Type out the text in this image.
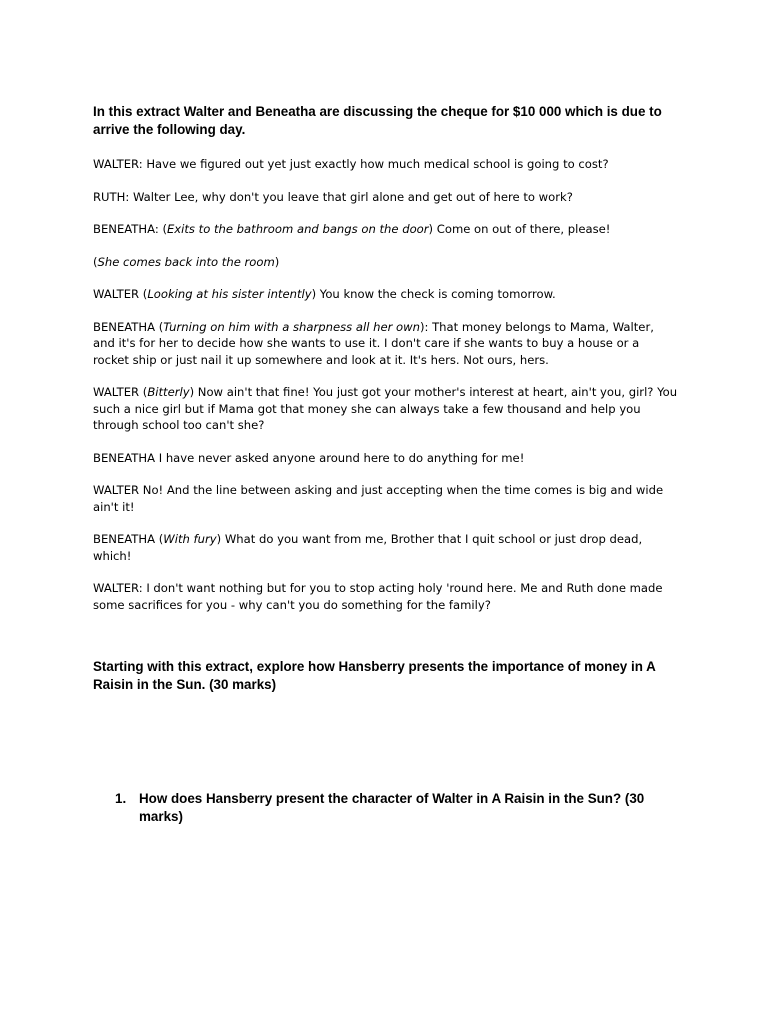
In this extract Walter and Beneatha are discussing the cheque for $10 000 which is due to arrive the following day.

WALTER: Have we figured out yet just exactly how much medical school is going to cost?

RUTH: Walter Lee, why don't you leave that girl alone and get out of here to work?

BENEATHA: (Exits to the bathroom and bangs on the door) Come on out of there, please!

(She comes back into the room)

WALTER (Looking at his sister intently) You know the check is coming tomorrow.

BENEATHA (Turning on him with a sharpness all her own): That money belongs to Mama, Walter, and it's for her to decide how she wants to use it. I don't care if she wants to buy a house or a rocket ship or just nail it up somewhere and look at it. It's hers. Not ours, hers.

WALTER (Bitterly) Now ain't that fine! You just got your mother's interest at heart, ain't you, girl? You such a nice girl but if Mama got that money she can always take a few thousand and help you through school too can't she?

BENEATHA I have never asked anyone around here to do anything for me!

WALTER No! And the line between asking and just accepting when the time comes is big and wide ain't it!

BENEATHA (With fury) What do you want from me, Brother that I quit school or just drop dead, which!

WALTER: I don't want nothing but for you to stop acting holy 'round here. Me and Ruth done made some sacrifices for you - why can't you do something for the family?

Starting with this extract, explore how Hansberry presents the importance of money in A Raisin in the Sun. (30 marks)

1. How does Hansberry present the character of Walter in A Raisin in the Sun? (30 marks)
